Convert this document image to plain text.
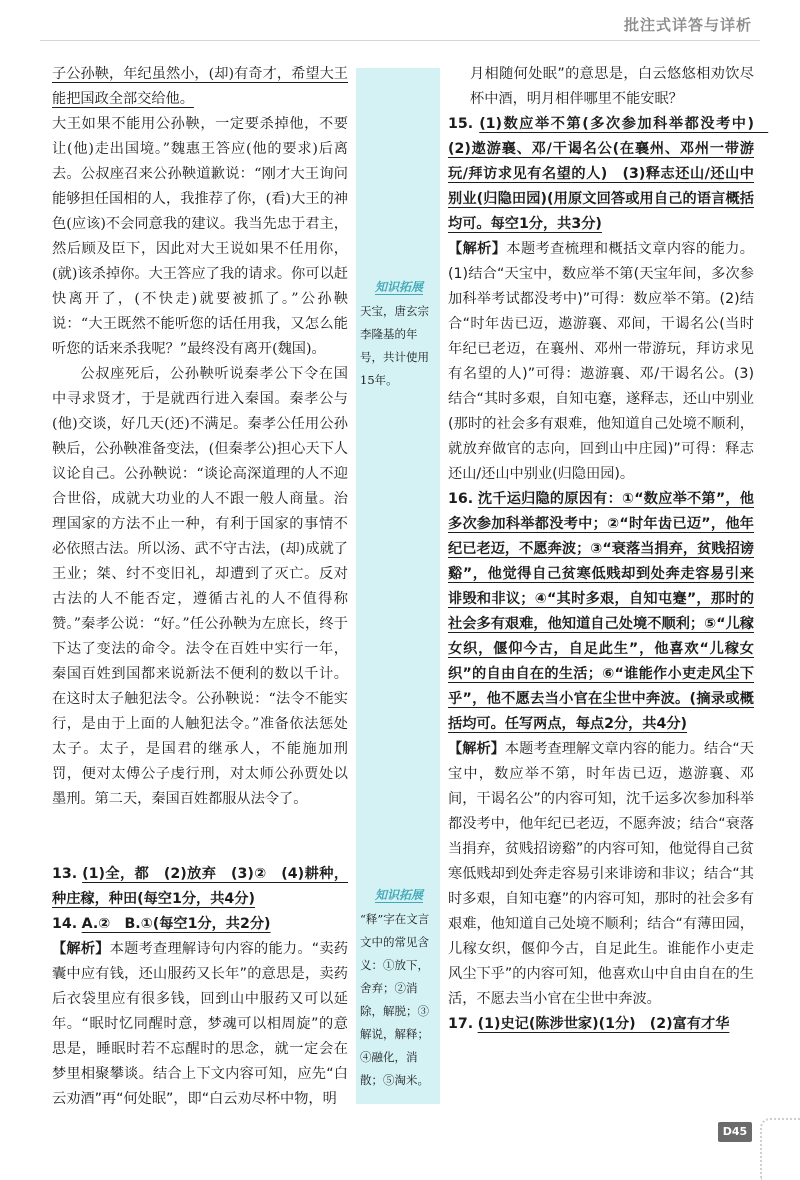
批注式详答与详析
知识拓展
天宝，唐玄宗李隆基的年号，共计使用15年。
知识拓展
“释”字在文言文中的常见含义：①放下，舍弃；②消除，解脱；③解说，解释；④融化，消散；⑤淘米。

子公孙鞅，年纪虽然小，(却)有奇才，希望大王能把国政全部交给他。

大王如果不能用公孙鞅，一定要杀掉他，不要让(他)走出国境。”魏惠王答应(他的要求)后离去。公叔座召来公孙鞅道歉说：“刚才大王询问能够担任国相的人，我推荐了你，(看)大王的神色(应该)不会同意我的建议。我当先忠于君主，然后顾及臣下，因此对大王说如果不任用你，(就)该杀掉你。大王答应了我的请求。你可以赶快离开了，(不快走)就要被抓了。”公孙鞅说：“大王既然不能听您的话任用我，又怎么能听您的话来杀我呢？”最终没有离开(魏国)。

公叔座死后，公孙鞅听说秦孝公下令在国中寻求贤才，于是就西行进入秦国。秦孝公与(他)交谈，好几天(还)不满足。秦孝公任用公孙鞅后，公孙鞅准备变法，(但秦孝公)担心天下人议论自己。公孙鞅说：“谈论高深道理的人不迎合世俗，成就大功业的人不跟一般人商量。治理国家的方法不止一种，有利于国家的事情不必依照古法。所以汤、武不守古法，(却)成就了王业；桀、纣不变旧礼，却遭到了灭亡。反对古法的人不能否定，遵循古礼的人不值得称赞。”秦孝公说：“好。”任公孙鞅为左庶长，终于下达了变法的命令。法令在百姓中实行一年，秦国百姓到国都来说新法不便利的数以千计。在这时太子触犯法令。公孙鞅说：“法令不能实行，是由于上面的人触犯法令。”准备依法惩处太子。太子，是国君的继承人，不能施加刑罚，便对太傅公子虔行刑，对太师公孙贾处以墨刑。第二天，秦国百姓都服从法令了。

13. (1)全，都　(2)放弃　(3)②　(4)耕种，种庄稼，种田(每空1分，共4分)

14. A.②　B.①(每空1分，共2分)

【解析】本题考查理解诗句内容的能力。“卖药囊中应有钱，还山服药又长年”的意思是，卖药后衣袋里应有很多钱，回到山中服药又可以延年。“眠时忆同醒时意，梦魂可以相周旋”的意思是，睡眠时若不忘醒时的思念，就一定会在梦里相聚攀谈。结合上下文内容可知，应先“白云劝酒”再“何处眠”，即“白云劝尽杯中物，明

月相随何处眠”的意思是，白云悠悠相劝饮尽杯中酒，明月相伴哪里不能安眠？

15. (1)数应举不第(多次参加科举都没考中)　(2)遨游襄、邓/干谒名公(在襄州、邓州一带游玩/拜访求见有名望的人)　(3)释志还山/还山中别业(归隐田园)(用原文回答或用自己的语言概括均可。每空1分，共3分)

【解析】本题考查梳理和概括文章内容的能力。(1)结合“天宝中，数应举不第(天宝年间，多次参加科举考试都没考中)”可得：数应举不第。(2)结合“时年齿已迈，遨游襄、邓间，干谒名公(当时年纪已老迈，在襄州、邓州一带游玩，拜访求见有名望的人)”可得：遨游襄、邓/干谒名公。(3)结合“其时多艰，自知屯蹇，遂释志，还山中别业(那时的社会多有艰难，他知道自己处境不顺利，就放弃做官的志向，回到山中庄园)”可得：释志还山/还山中别业(归隐田园)。

16. 沈千运归隐的原因有：①“数应举不第”，他多次参加科举都没考中；②“时年齿已迈”，他年纪已老迈，不愿奔波；③“衰落当捐弃，贫贱招谤谿”，他觉得自己贫寒低贱却到处奔走容易引来诽毁和非议；④“其时多艰，自知屯蹇”，那时的社会多有艰难，他知道自己处境不顺利；⑤“儿稼女织，偃仰今古，自足此生”，他喜欢“儿稼女织”的自由自在的生活；⑥“谁能作小吏走风尘下乎”，他不愿去当小官在尘世中奔波。(摘录或概括均可。任写两点，每点2分，共4分)

【解析】本题考查理解文章内容的能力。结合“天宝中，数应举不第，时年齿已迈，遨游襄、邓间，干谒名公”的内容可知，沈千运多次参加科举都没考中，他年纪已老迈，不愿奔波；结合“衰落当捐弃，贫贱招谤谿”的内容可知，他觉得自己贫寒低贱却到处奔走容易引来诽谤和非议；结合“其时多艰，自知屯蹇”的内容可知，那时的社会多有艰难，他知道自己处境不顺利；结合“有薄田园，儿稼女织，偃仰今古，自足此生。谁能作小吏走风尘下乎”的内容可知，他喜欢山中自由自在的生活，不愿去当小官在尘世中奔波。

17. (1)史记(陈涉世家)(1分)　(2)富有才华

D45
